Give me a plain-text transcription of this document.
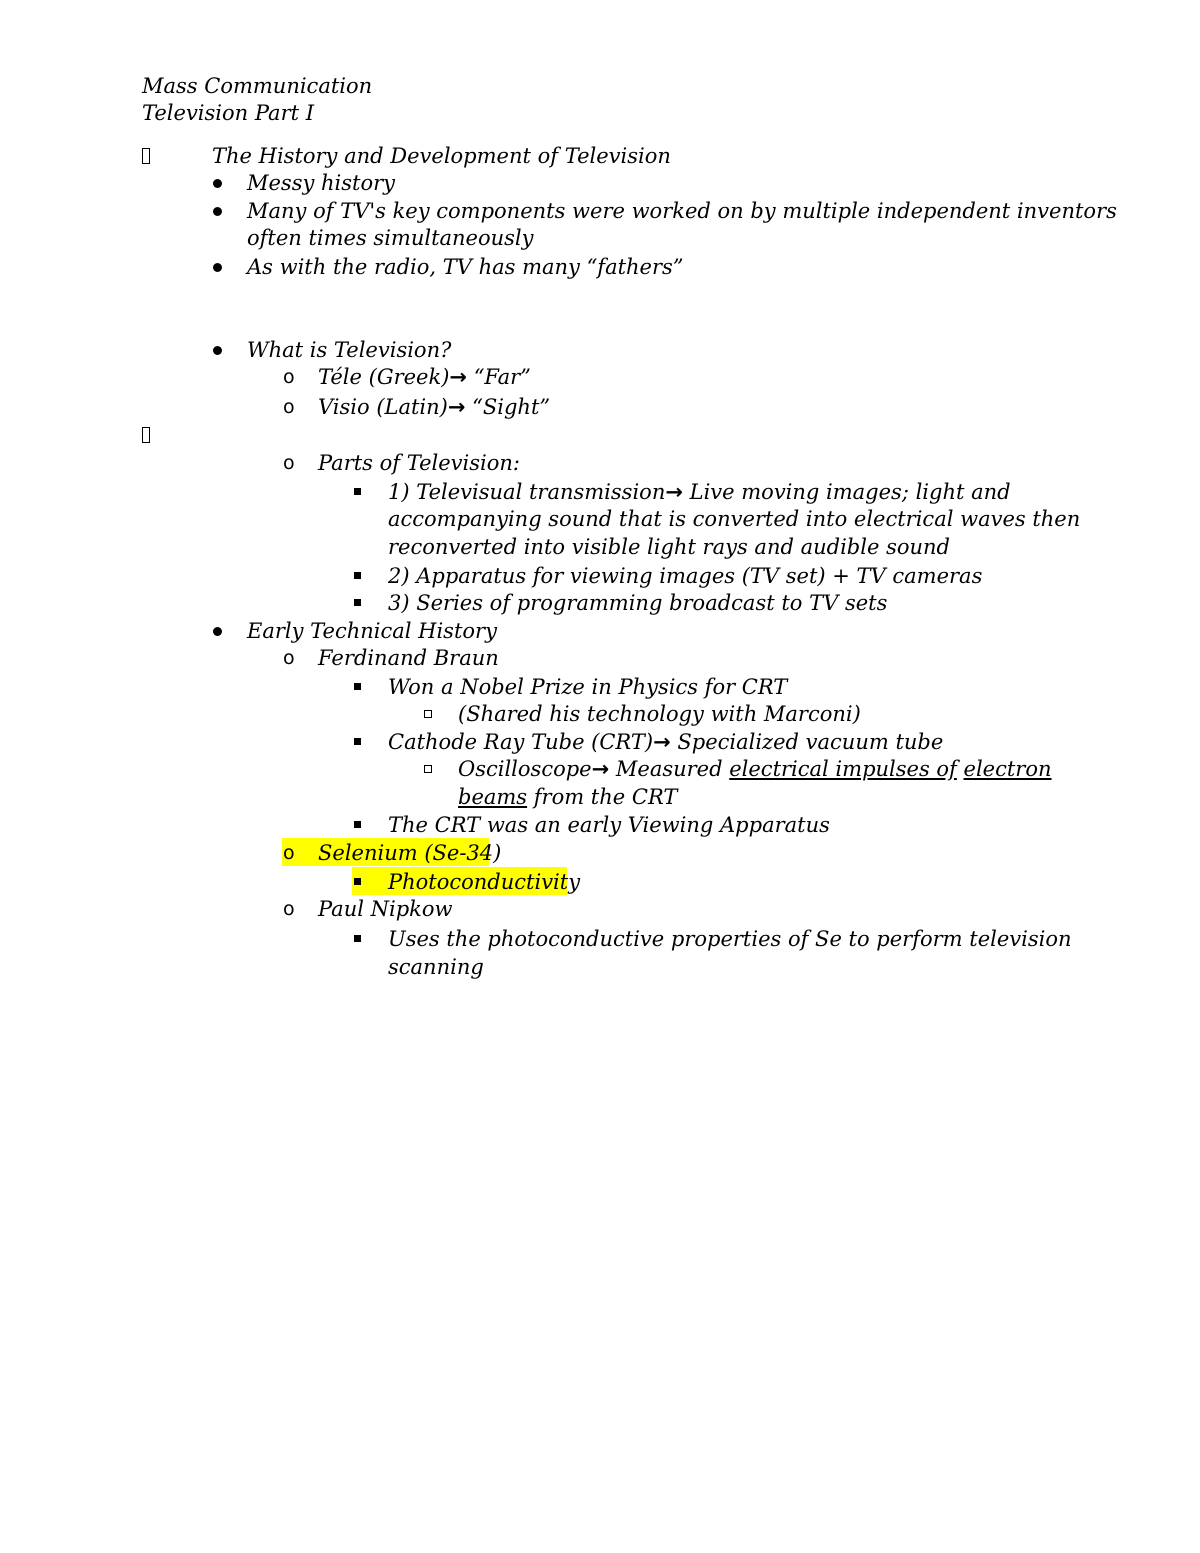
Mass Communication
Television Part I
The History and Development of Television
Messy history
Many of TV's key components were worked on by multiple independent inventors
often times simultaneously
As with the radio, TV has many “fathers”
What is Television?
o Téle (Greek)→ “Far”
o Visio (Latin)→ “Sight”
o Parts of Television:
1) Televisual transmission→ Live moving images; light and
accompanying sound that is converted into electrical waves then
reconverted into visible light rays and audible sound
2) Apparatus for viewing images (TV set) + TV cameras
3) Series of programming broadcast to TV sets
Early Technical History
o Ferdinand Braun
Won a Nobel Prize in Physics for CRT
(Shared his technology with Marconi)
Cathode Ray Tube (CRT)→ Specialized vacuum tube
Oscilloscope→ Measured electrical impulses of electron
beams from the CRT
The CRT was an early Viewing Apparatus
o Selenium (Se-34)
Photoconductivity
o Paul Nipkow
Uses the photoconductive properties of Se to perform television
scanning
